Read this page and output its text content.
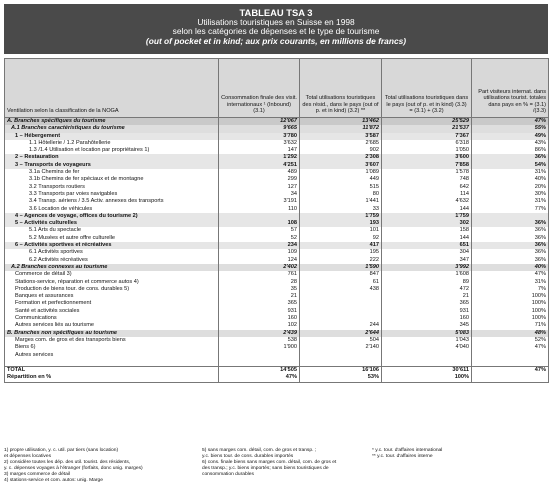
TABLEAU TSA 3
Utilisations touristiques en Suisse en 1998
selon les catégories de dépenses et le type de tourisme
(out of pocket et in kind; aux prix courants, en millions de francs)
Ventilation selon la classification de la NOGA	Consommation finale des visit. internationaux ¹ (Inbound) (3.1)	Total utilisations touristiques des résid., dans le pays (out of p. et in kind) (3.2) **	Total utilisations touristiques dans le pays (out of p. et in kind) (3.3) = (3.1) + (3.2)	Part visiteurs internat. dans utilisations tourist. totales dans pays en % = (3.1) /(3.3)
A. Branches spécifiques du tourisme	12'067	13'462	25'529	47%
A.1 Branches caractéristiques du tourisme	9'665	11'872	21'537	55%
1 – Hébergement	3'780	3'587	7'367	49%
1.1 Hôtellerie / 1.2 Parahôtellerie	3'632	2'685	6'318	43%
1.3 /1.4 Utilisation et location par propriétaires 1)	147	902	1'050	86%
2 – Restauration	1'292	2'308	3'600	36%
3 – Transports de voyageurs	4'251	3'607	7'858	54%
3.1a Chemins de fer	489	1'089	1'578	31%
3.1b Chemins de fer spéciaux et de montagne	299	449	748	40%
3.2 Transports routiers	127	515	642	20%
3.3 Transports par voies navigables	34	80	114	30%
3.4 Transp. aériens / 3.5 Activ. annexes des transports	3'191	1'441	4'632	31%
3.6 Location de véhicules	110	33	144	77%
4 – Agences de voyage, offices du tourisme 2)		1'759	1'759	
5 – Activités culturelles	108	193	302	36%
5.1 Arts du spectacle	57	101	158	36%
5.2 Musées et autre offre culturelle	52	92	144	36%
6 – Activités sportives et récréatives	234	417	651	36%
6.1 Activités sportives	109	195	304	36%
6.2 Activités récréatives	124	222	347	36%
A.2 Branches connexes au tourisme	2'402	1'590	3'992	40%
Commerce de détail 3)	761	847	1'608	47%
Stations-service, réparation et commerce autos 4)	28	61	89	31%
Production de biens tour. de cons. durables 5)	35	438	472	7%
Banques et assurances	21		21	100%
Formation et perfectionnement	365		365	100%
Santé et activités sociales	931		931	100%
Communications	160		160	100%
Autres services liés au tourisme	102	244	345	71%
B. Branches non spécifiques au tourisme	2'439	2'644	5'083	48%
Marges com. de gros et des transports biens	538	504	1'043	52%
Biens 6)	1'900	2'140	4'040	47%
Autres services				

TOTAL	14'505	16'106	30'611	47%
Répartition en %	47%	53%	100%	
1) propre utilisation, y. c. util. par tiers (sans location)
et dépenses locatives
2) considère toutes les dép. des util. tourist. des résidents,
y. c. dépenses voyages à l'étranger (forfaits, donc unig. marges)
3) marges commerce de détail
4) stations-service et com. autos: unig. Marge
5) sans marges com. détail, com. de gros et transp. ;
y.c. biens tour. de cons. durables importés
6) cons. finale biens sans marges com. détail, com. de gros et
des transp.; y.c. biens importés; sans biens touristiques de
consommation durables
* y.c. tour. d'affaires international
** y.c. tour. d'affaires interne
